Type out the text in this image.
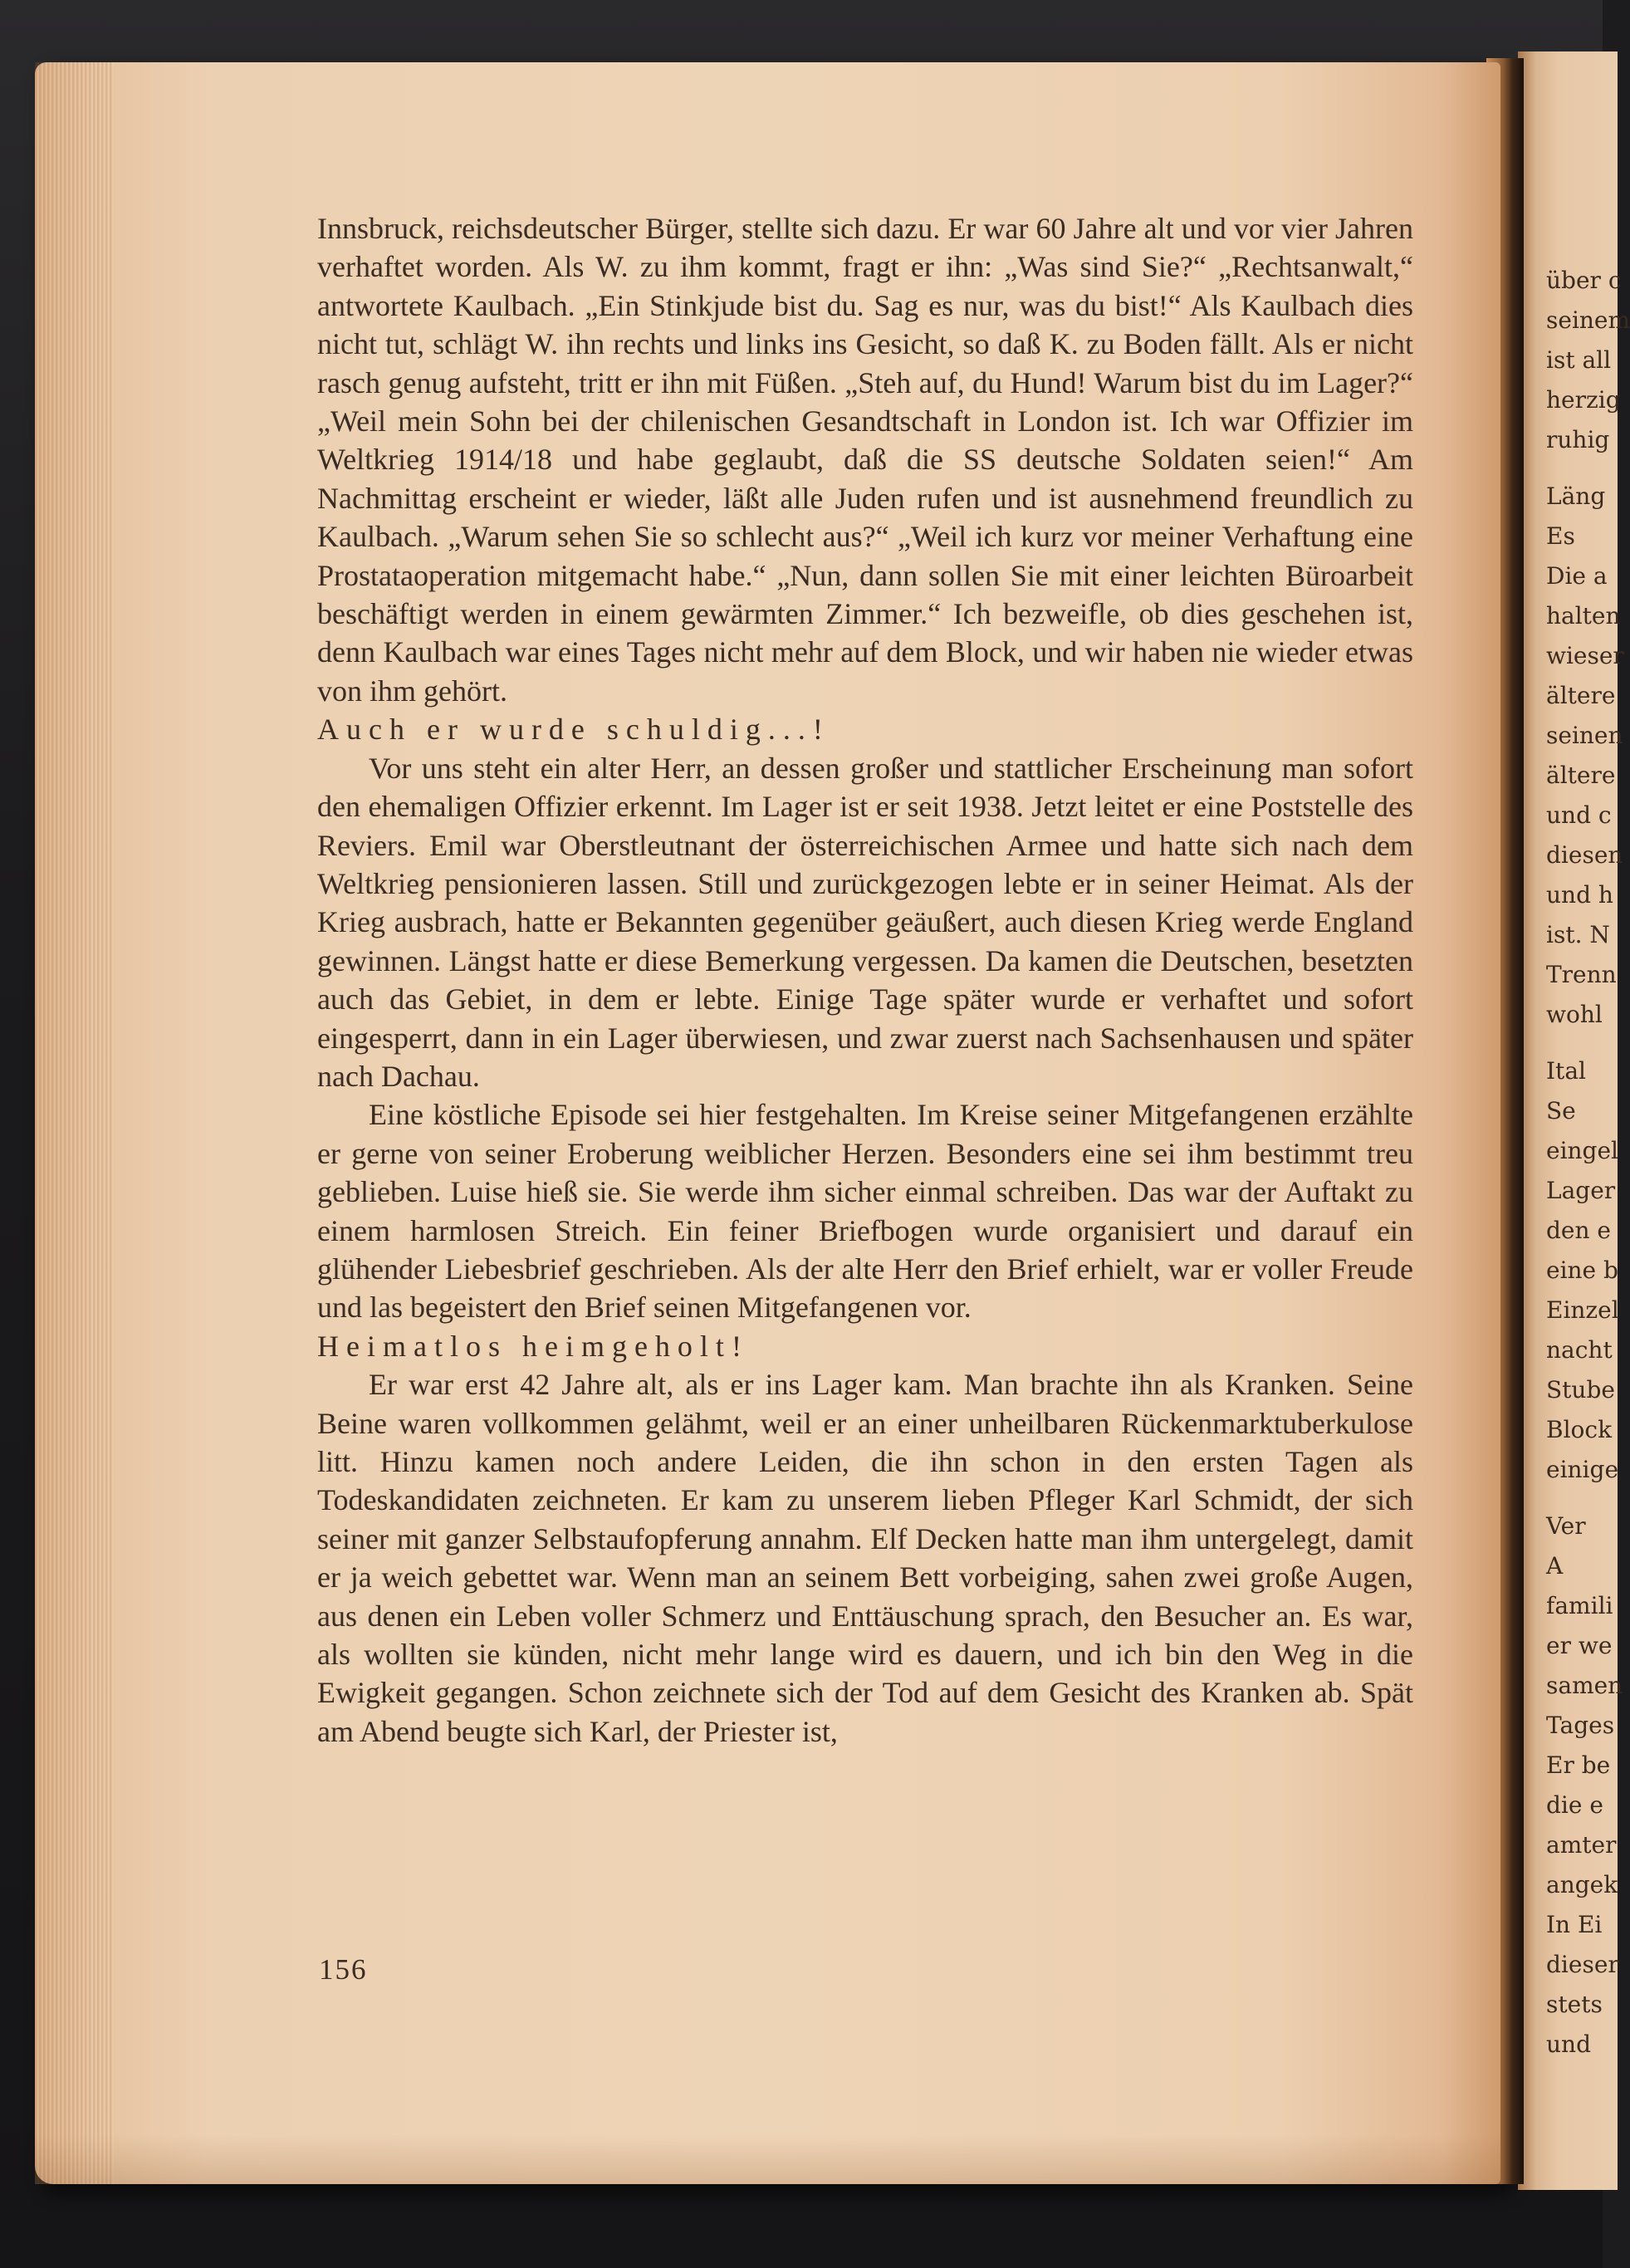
über c
seinem
ist all
herzig
ruhig
Läng
Es
Die a
halten
wieser
ältere
seinen
ältere
und c
diesen
und h
ist. N
Trenn
wohl
Ital
Se
eingel
Lager
den e
eine b
Einzel
nacht
Stube
Block
einige
Ver
A
famili
er we
samen
Tages
Er be
die e
amter
angek
In Ei
dieser
stets
und

Innsbruck, reichsdeutscher Bürger, stellte sich dazu. Er war 60 Jahre alt und vor vier Jahren verhaftet worden. Als W. zu ihm kommt, fragt er ihn: „Was sind Sie?“ „Rechtsanwalt,“ antwortete Kaulbach. „Ein Stinkjude bist du. Sag es nur, was du bist!“ Als Kaulbach dies nicht tut, schlägt W. ihn rechts und links ins Gesicht, so daß K. zu Boden fällt. Als er nicht rasch genug aufsteht, tritt er ihn mit Füßen. „Steh auf, du Hund! Warum bist du im Lager?“ „Weil mein Sohn bei der chilenischen Gesandtschaft in London ist. Ich war Offizier im Weltkrieg 1914/18 und habe geglaubt, daß die SS deutsche Soldaten seien!“ Am Nachmittag erscheint er wieder, läßt alle Juden rufen und ist ausnehmend freundlich zu Kaulbach. „Warum sehen Sie so schlecht aus?“ „Weil ich kurz vor meiner Verhaftung eine Prostataoperation mitgemacht habe.“ „Nun, dann sollen Sie mit einer leichten Büroarbeit beschäftigt werden in einem gewärmten Zimmer.“ Ich bezweifle, ob dies geschehen ist, denn Kaulbach war eines Tages nicht mehr auf dem Block, und wir haben nie wieder etwas von ihm gehört.

Auch er wurde schuldig...!

Vor uns steht ein alter Herr, an dessen großer und stattlicher Erscheinung man sofort den ehemaligen Offizier erkennt. Im Lager ist er seit 1938. Jetzt leitet er eine Poststelle des Reviers. Emil war Oberstleutnant der österreichischen Armee und hatte sich nach dem Weltkrieg pensionieren lassen. Still und zurückgezogen lebte er in seiner Heimat. Als der Krieg ausbrach, hatte er Bekannten gegenüber geäußert, auch diesen Krieg werde England gewinnen. Längst hatte er diese Bemerkung vergessen. Da kamen die Deutschen, besetzten auch das Gebiet, in dem er lebte. Einige Tage später wurde er verhaftet und sofort eingesperrt, dann in ein Lager überwiesen, und zwar zuerst nach Sachsenhausen und später nach Dachau.

Eine köstliche Episode sei hier festgehalten. Im Kreise seiner Mitgefangenen erzählte er gerne von seiner Eroberung weiblicher Herzen. Besonders eine sei ihm bestimmt treu geblieben. Luise hieß sie. Sie werde ihm sicher einmal schreiben. Das war der Auftakt zu einem harmlosen Streich. Ein feiner Briefbogen wurde organisiert und darauf ein glühender Liebesbrief geschrieben. Als der alte Herr den Brief erhielt, war er voller Freude und las begeistert den Brief seinen Mitgefangenen vor.

Heimatlos heimgeholt!

Er war erst 42 Jahre alt, als er ins Lager kam. Man brachte ihn als Kranken. Seine Beine waren vollkommen gelähmt, weil er an einer unheilbaren Rückenmarktuberkulose litt. Hinzu kamen noch andere Leiden, die ihn schon in den ersten Tagen als Todeskandidaten zeichneten. Er kam zu unserem lieben Pfleger Karl Schmidt, der sich seiner mit ganzer Selbstaufopferung annahm. Elf Decken hatte man ihm untergelegt, damit er ja weich gebettet war. Wenn man an seinem Bett vorbeiging, sahen zwei große Augen, aus denen ein Leben voller Schmerz und Enttäuschung sprach, den Besucher an. Es war, als wollten sie künden, nicht mehr lange wird es dauern, und ich bin den Weg in die Ewigkeit gegangen. Schon zeichnete sich der Tod auf dem Gesicht des Kranken ab. Spät am Abend beugte sich Karl, der Priester ist,

156
